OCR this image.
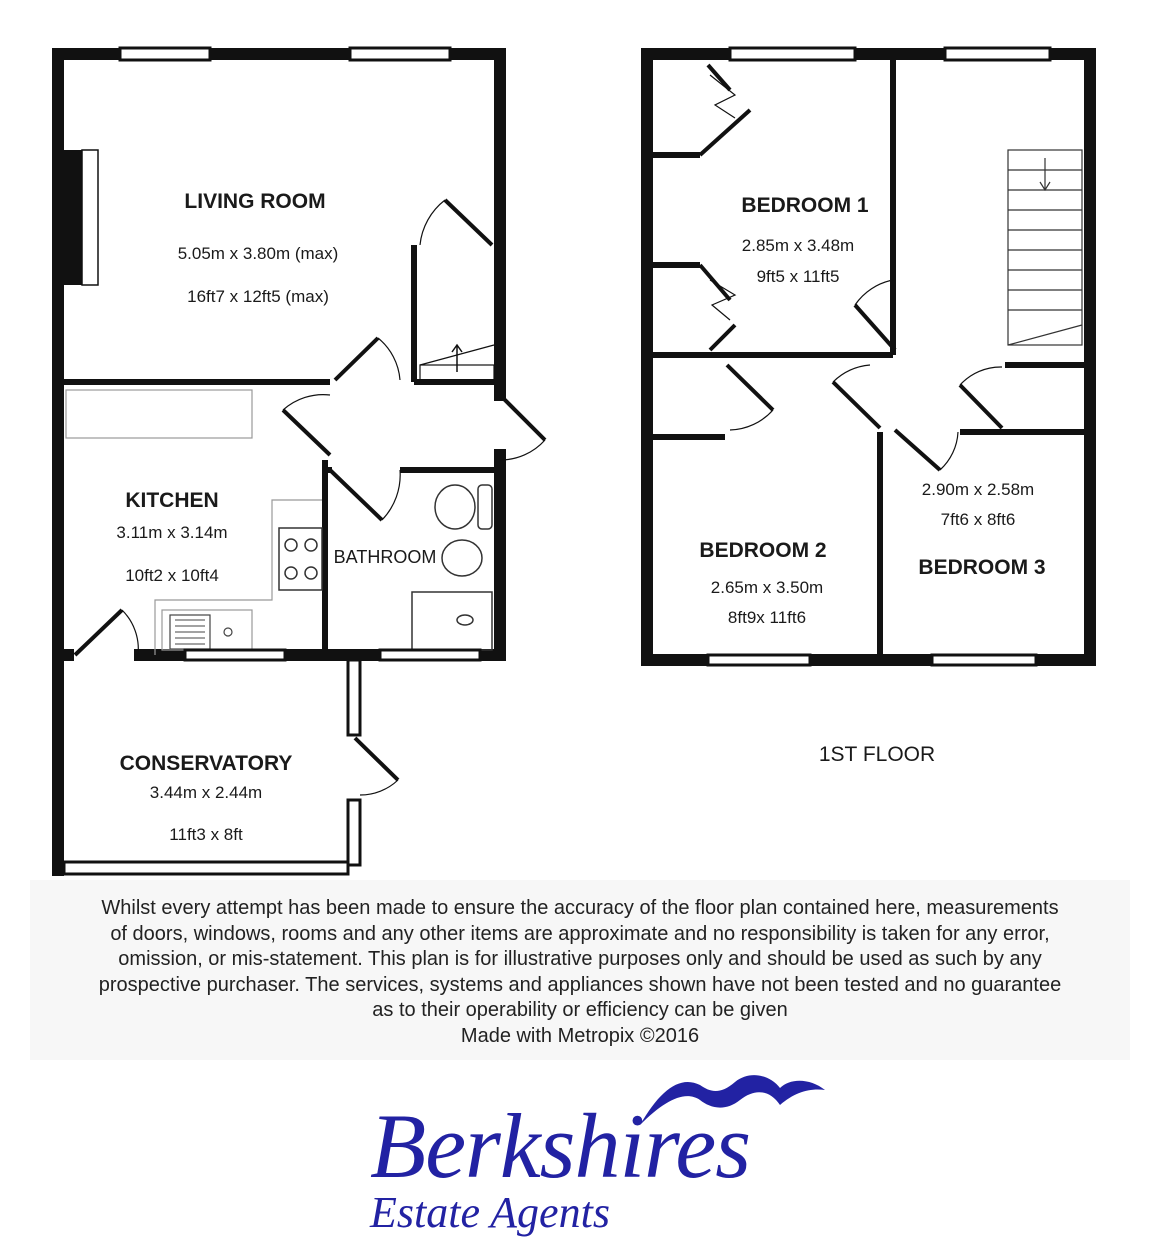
LIVING ROOM
5.05m x 3.80m (max)
16ft7 x 12ft5 (max)
KITCHEN
3.11m x 3.14m
10ft2 x 10ft4
BATHROOM
CONSERVATORY
3.44m x 2.44m
11ft3 x 8ft
BEDROOM 1
2.85m x 3.48m
9ft5 x 11ft5
BEDROOM 2
2.65m x 3.50m
8ft9x 11ft6
2.90m x 2.58m
7ft6 x 8ft6
BEDROOM 3
1ST FLOOR

Whilst every attempt has been made to ensure the accuracy of the floor plan contained here, measurements

of doors, windows, rooms and any other items are approximate and no responsibility is taken for any error,

omission, or mis-statement. This plan is for illustrative purposes only and should be used as such by any

prospective purchaser. The services, systems and appliances shown have not been tested and no guarantee

as to their operability or efficiency can be given

Made with Metropix ©2016

Berkshires
Estate Agents
